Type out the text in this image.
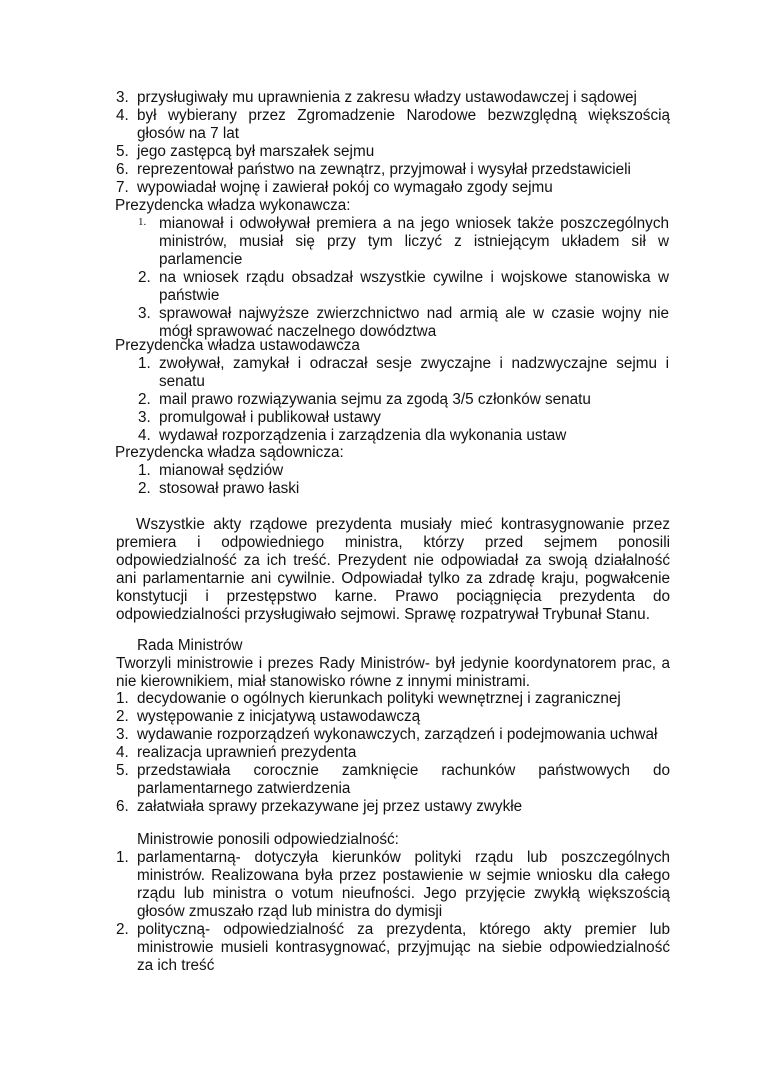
3. przysługiwały mu uprawnienia z zakresu władzy ustawodawczej i sądowej
4. był wybierany przez Zgromadzenie Narodowe bezwzględną większością głosów na 7 lat
5. jego zastępcą był marszałek sejmu
6. reprezentował państwo na zewnątrz, przyjmował i wysyłał przedstawicieli
7. wypowiadał wojnę i zawierał pokój co wymagało zgody sejmu
Prezydencka władza wykonawcza:
1. mianował i odwoływał premiera a na jego wniosek także poszczególnych ministrów, musiał się przy tym liczyć z istniejącym układem sił w parlamencie
2. na wniosek rządu obsadzał wszystkie cywilne i wojskowe stanowiska w państwie
3. sprawował najwyższe zwierzchnictwo nad armią ale w czasie wojny nie mógł sprawować naczelnego dowództwa
Prezydencka władza ustawodawcza
1. zwoływał, zamykał i odraczał sesje zwyczajne i nadzwyczajne sejmu i senatu
2. mail prawo rozwiązywania sejmu za zgodą 3/5 członków senatu
3. promulgował i publikował ustawy
4. wydawał rozporządzenia i zarządzenia dla wykonania ustaw
Prezydencka władza sądownicza:
1. mianował sędziów
2. stosował prawo łaski

Wszystkie akty rządowe prezydenta musiały mieć kontrasygnowanie przez premiera i odpowiedniego ministra, którzy przed sejmem ponosili odpowiedzialność za ich treść. Prezydent nie odpowiadał za swoją działalność ani parlamentarnie ani cywilnie. Odpowiadał tylko za zdradę kraju, pogwałcenie konstytucji i przestępstwo karne. Prawo pociągnięcia prezydenta do odpowiedzialności przysługiwało sejmowi. Sprawę rozpatrywał Trybunał Stanu.

Rada Ministrów

Tworzyli ministrowie i prezes Rady Ministrów- był jedynie koordynatorem prac, a nie kierownikiem, miał stanowisko równe z innymi ministrami.

1. decydowanie o ogólnych kierunkach polityki wewnętrznej i zagranicznej
2. występowanie z inicjatywą ustawodawczą
3. wydawanie rozporządzeń wykonawczych, zarządzeń i podejmowania uchwał
4. realizacja uprawnień prezydenta
5. przedstawiała corocznie zamknięcie rachunków państwowych do parlamentarnego zatwierdzenia
6. załatwiała sprawy przekazywane jej przez ustawy zwykłe
Ministrowie ponosili odpowiedzialność:
1. parlamentarną- dotyczyła kierunków polityki rządu lub poszczególnych ministrów. Realizowana była przez postawienie w sejmie wniosku dla całego rządu lub ministra o votum nieufności. Jego przyjęcie zwykłą większością głosów zmuszało rząd lub ministra do dymisji
2. polityczną- odpowiedzialność za prezydenta, którego akty premier lub ministrowie musieli kontrasygnować, przyjmując na siebie odpowiedzialność za ich treść
